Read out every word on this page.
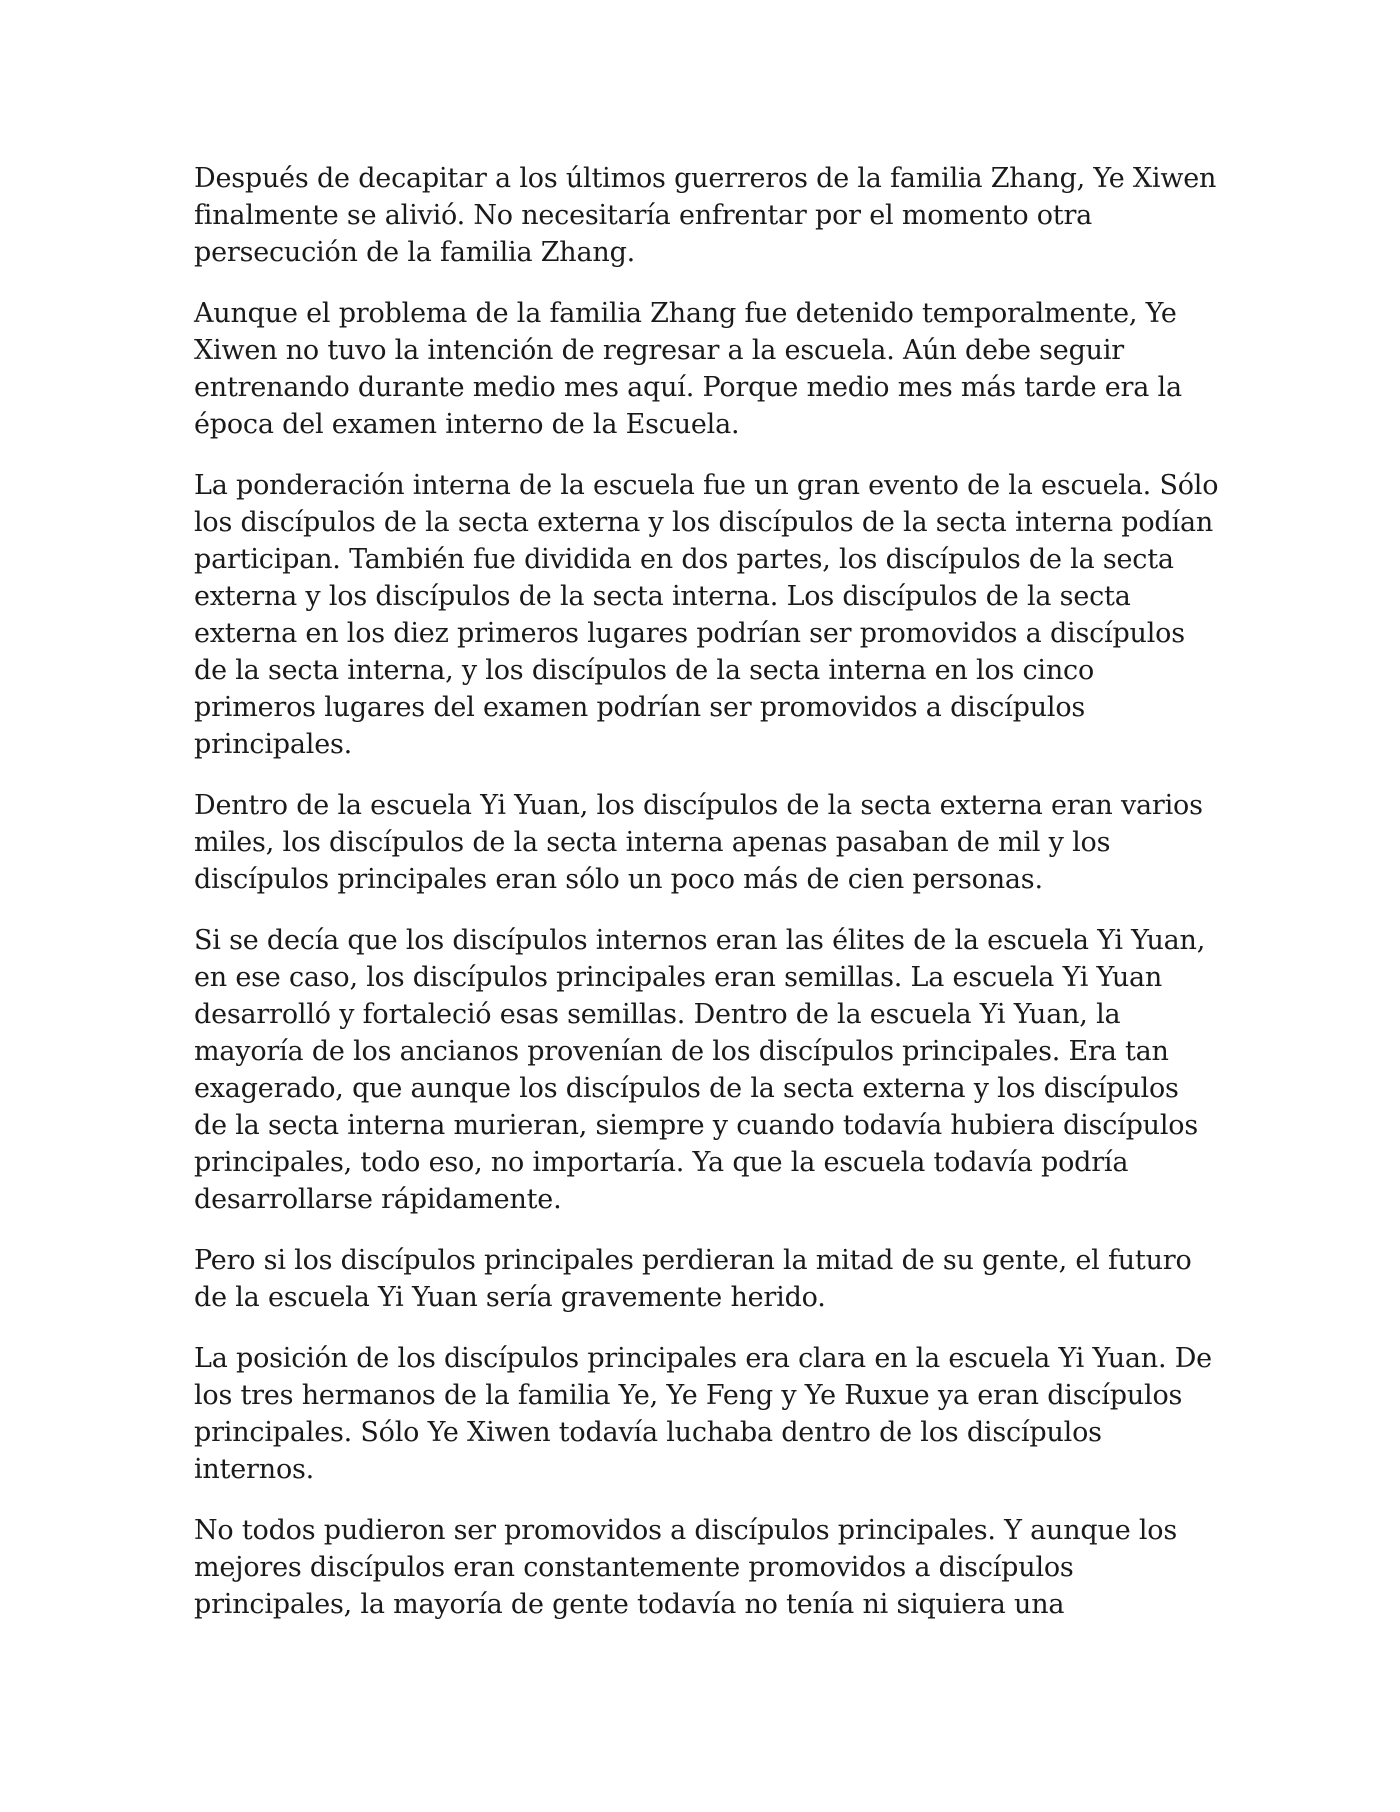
Después de decapitar a los últimos guerreros de la familia Zhang, Ye Xiwen
finalmente se alivió. No necesitaría enfrentar por el momento otra
persecución de la familia Zhang.

Aunque el problema de la familia Zhang fue detenido temporalmente, Ye
Xiwen no tuvo la intención de regresar a la escuela. Aún debe seguir
entrenando durante medio mes aquí. Porque medio mes más tarde era la
época del examen interno de la Escuela.

La ponderación interna de la escuela fue un gran evento de la escuela. Sólo
los discípulos de la secta externa y los discípulos de la secta interna podían
participan. También fue dividida en dos partes, los discípulos de la secta
externa y los discípulos de la secta interna. Los discípulos de la secta
externa en los diez primeros lugares podrían ser promovidos a discípulos
de la secta interna, y los discípulos de la secta interna en los cinco
primeros lugares del examen podrían ser promovidos a discípulos
principales.

Dentro de la escuela Yi Yuan, los discípulos de la secta externa eran varios
miles, los discípulos de la secta interna apenas pasaban de mil y los
discípulos principales eran sólo un poco más de cien personas.

Si se decía que los discípulos internos eran las élites de la escuela Yi Yuan,
en ese caso, los discípulos principales eran semillas. La escuela Yi Yuan
desarrolló y fortaleció esas semillas. Dentro de la escuela Yi Yuan, la
mayoría de los ancianos provenían de los discípulos principales. Era tan
exagerado, que aunque los discípulos de la secta externa y los discípulos
de la secta interna murieran, siempre y cuando todavía hubiera discípulos
principales, todo eso, no importaría. Ya que la escuela todavía podría
desarrollarse rápidamente.

Pero si los discípulos principales perdieran la mitad de su gente, el futuro
de la escuela Yi Yuan sería gravemente herido.

La posición de los discípulos principales era clara en la escuela Yi Yuan. De
los tres hermanos de la familia Ye, Ye Feng y Ye Ruxue ya eran discípulos
principales. Sólo Ye Xiwen todavía luchaba dentro de los discípulos
internos.

No todos pudieron ser promovidos a discípulos principales. Y aunque los
mejores discípulos eran constantemente promovidos a discípulos
principales, la mayoría de gente todavía no tenía ni siquiera una
